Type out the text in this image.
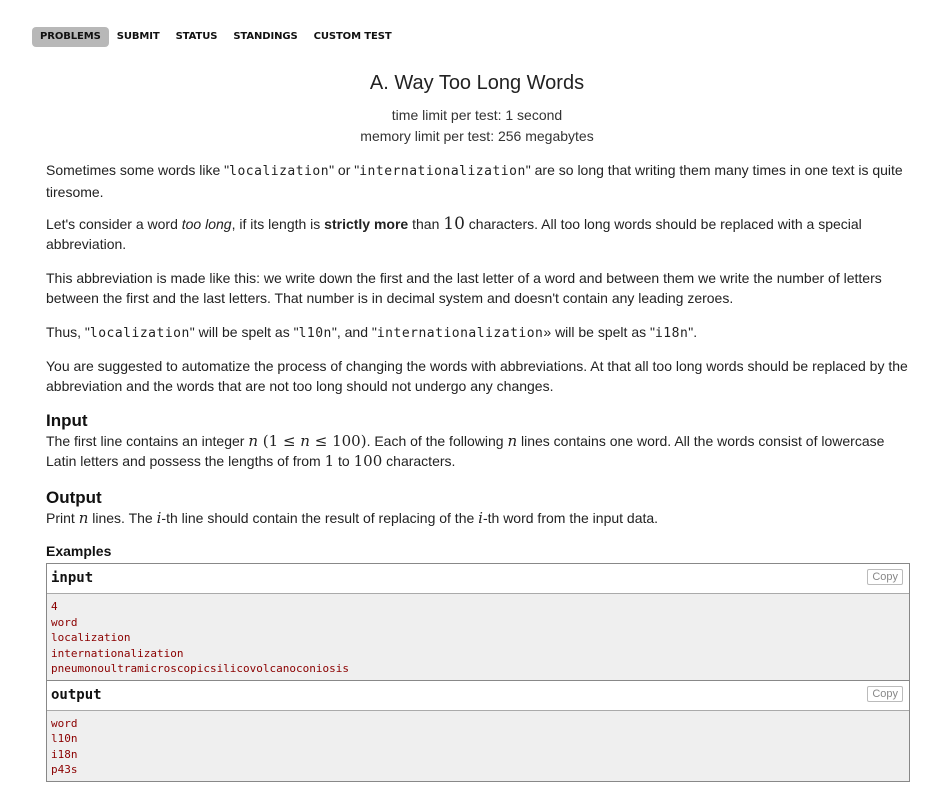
PROBLEMS	SUBMIT	STATUS	STANDINGS	CUSTOM TEST
A. Way Too Long Words
time limit per test: 1 second
memory limit per test: 256 megabytes
Sometimes some words like "localization" or "internationalization" are so long that writing them many times in one text is quite tiresome.
Let's consider a word too long, if its length is strictly more than 10 characters. All too long words should be replaced with a special abbreviation.
This abbreviation is made like this: we write down the first and the last letter of a word and between them we write the number of letters between the first and the last letters. That number is in decimal system and doesn't contain any leading zeroes.
Thus, "localization" will be spelt as "l10n", and "internationalization» will be spelt as "i18n".
You are suggested to automatize the process of changing the words with abbreviations. At that all too long words should be replaced by the abbreviation and the words that are not too long should not undergo any changes.
Input
The first line contains an integer n (1 ≤ n ≤ 100). Each of the following n lines contains one word. All the words consist of lowercase Latin letters and possess the lengths of from 1 to 100 characters.
Output
Print n lines. The i-th line should contain the result of replacing of the i-th word from the input data.
Examples
input	Copy
4
word
localization
internationalization
pneumonoultramicroscopicsilicovolcanoconiosis
output	Copy
word
l10n
i18n
p43s
